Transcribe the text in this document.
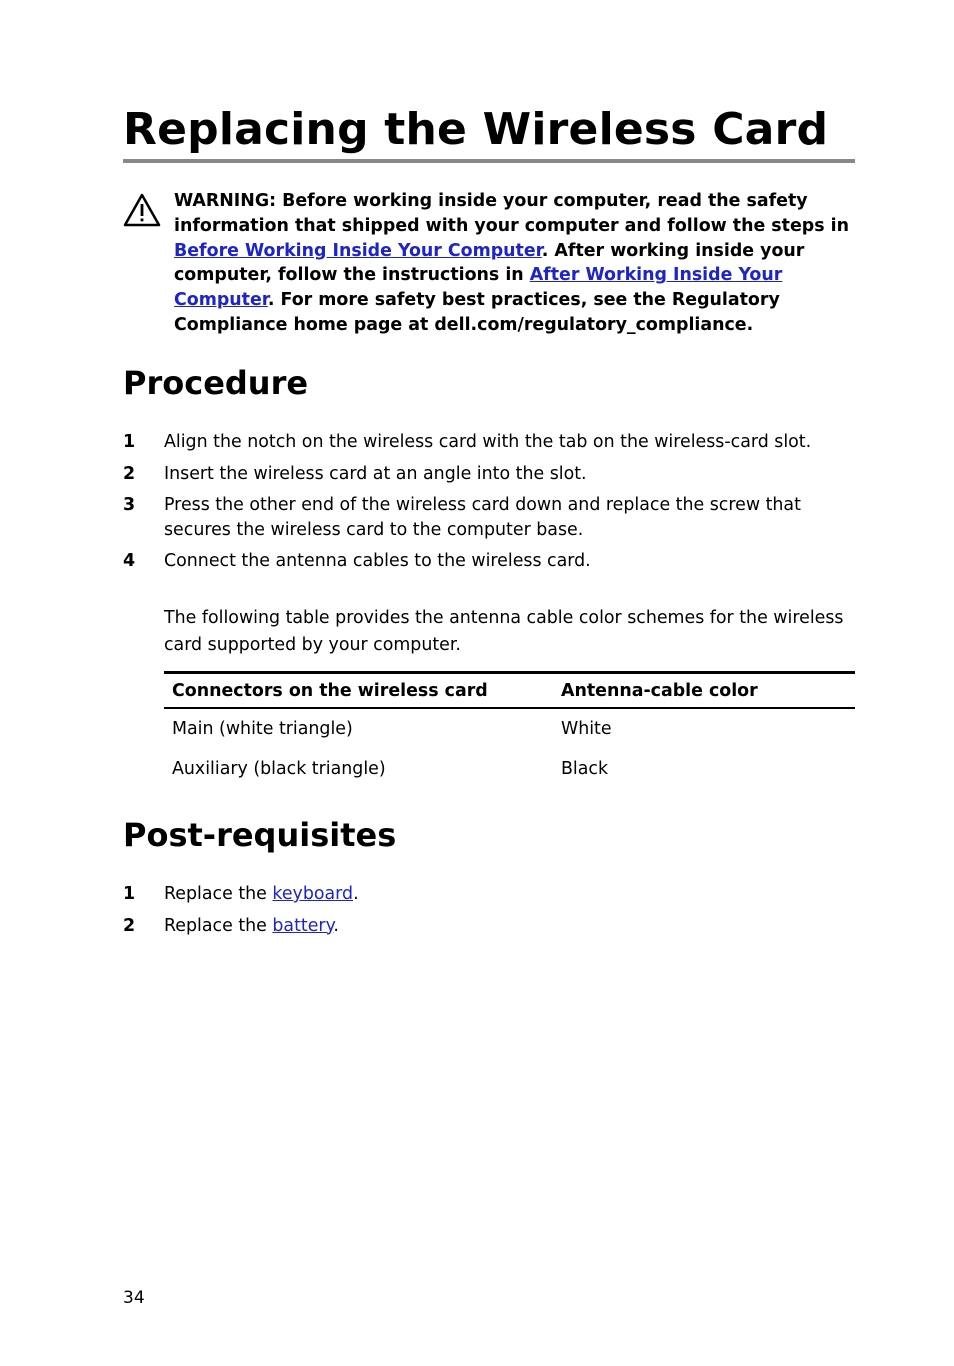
Replacing the Wireless Card
WARNING: Before working inside your computer, read the safety information that shipped with your computer and follow the steps in Before Working Inside Your Computer. After working inside your computer, follow the instructions in After Working Inside Your Computer. For more safety best practices, see the Regulatory Compliance home page at dell.com/regulatory_compliance.
Procedure
1	Align the notch on the wireless card with the tab on the wireless-card slot.
2	Insert the wireless card at an angle into the slot.
3	Press the other end of the wireless card down and replace the screw that secures the wireless card to the computer base.
4	Connect the antenna cables to the wireless card.
The following table provides the antenna cable color schemes for the wireless card supported by your computer.
Connectors on the wireless card	Antenna-cable color
Main (white triangle)	White
Auxiliary (black triangle)	Black
Post-requisites
1	Replace the keyboard.
2	Replace the battery.
34
